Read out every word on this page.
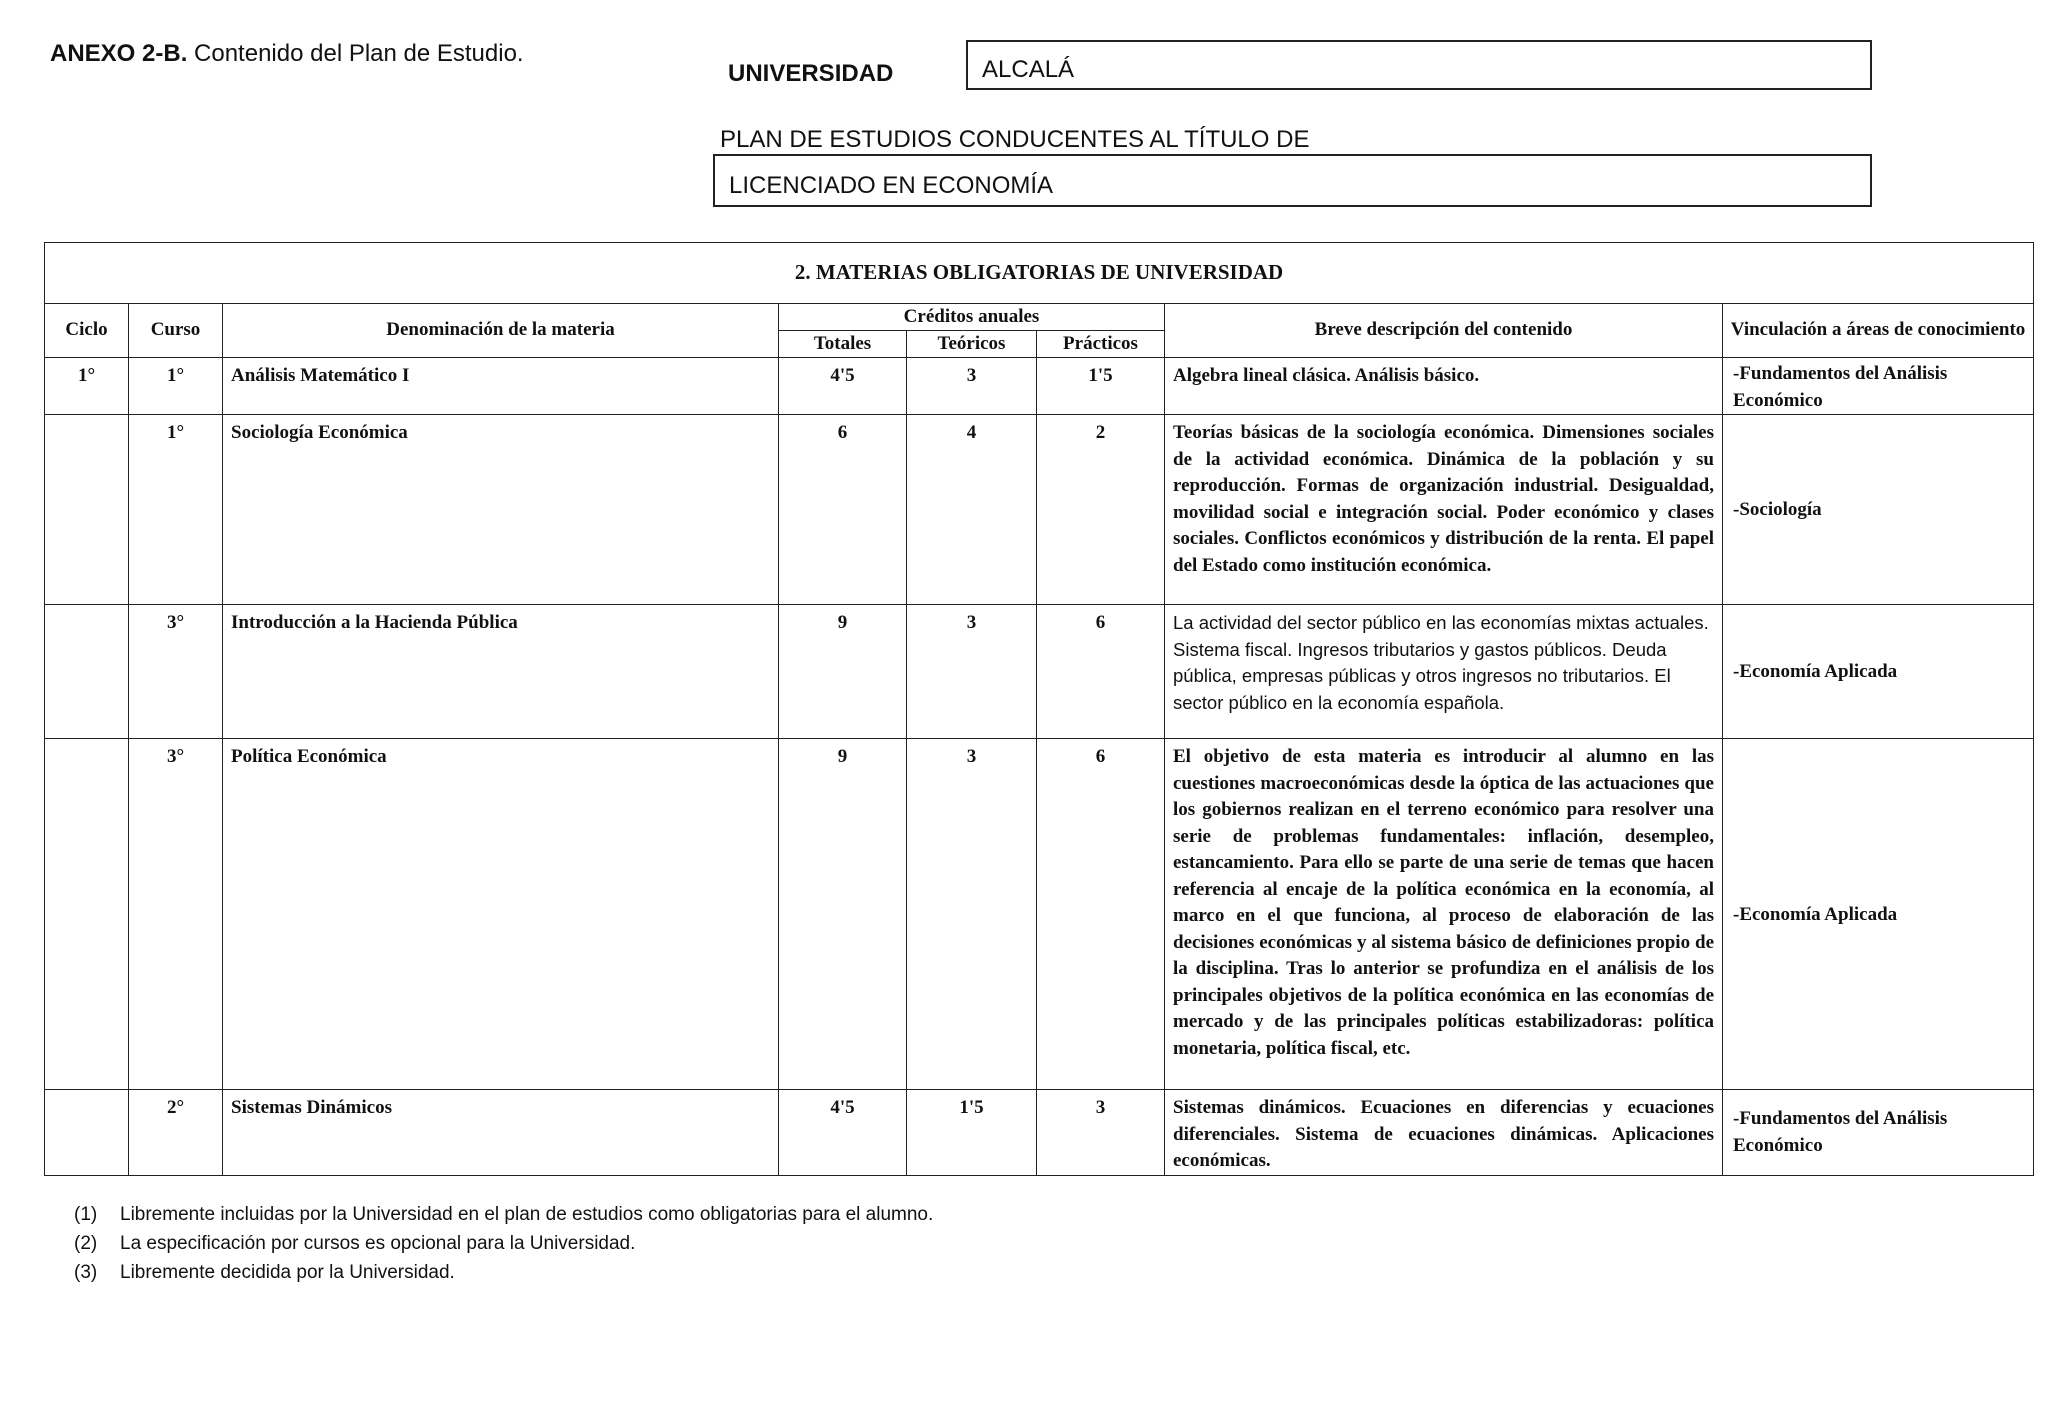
ANEXO 2-B. Contenido del Plan de Estudio.
UNIVERSIDAD	ALCALÁ
PLAN DE ESTUDIOS CONDUCENTES AL TÍTULO DE
LICENCIADO EN ECONOMÍA
2. MATERIAS OBLIGATORIAS DE UNIVERSIDAD							
Ciclo	Curso	Denominación de la materia	Créditos anuales			Breve descripción del contenido	Vinculación a áreas de conocimiento
			Totales	Teóricos	Prácticos		
1°	1°	Análisis Matemático I	4'5	3	1'5	Algebra lineal clásica. Análisis básico.	-Fundamentos del Análisis Económico
	1°	Sociología Económica	6	4	2	Teorías básicas de la sociología económica. Dimensiones sociales de la actividad económica. Dinámica de la población y su reproducción. Formas de organización industrial. Desigualdad, movilidad social e integración social. Poder económico y clases sociales. Conflictos económicos y distribución de la renta. El papel del Estado como institución económica.	-Sociología
	3°	Introducción a la Hacienda Pública	9	3	6	La actividad del sector público en las economías mixtas actuales. Sistema fiscal. Ingresos tributarios y gastos públicos. Deuda pública, empresas públicas y otros ingresos no tributarios. El sector público en la economía española.	-Economía Aplicada
	3°	Política Económica	9	3	6	El objetivo de esta materia es introducir al alumno en las cuestiones macroeconómicas desde la óptica de las actuaciones que los gobiernos realizan en el terreno económico para resolver una serie de problemas fundamentales: inflación, desempleo, estancamiento. Para ello se parte de una serie de temas que hacen referencia al encaje de la política económica en la economía, al marco en el que funciona, al proceso de elaboración de las decisiones económicas y al sistema básico de definiciones propio de la disciplina. Tras lo anterior se profundiza en el análisis de los principales objetivos de la política económica en las economías de mercado y de las principales políticas estabilizadoras: política monetaria, política fiscal, etc.	-Economía Aplicada
	2°	Sistemas Dinámicos	4'5	1'5	3	Sistemas dinámicos. Ecuaciones en diferencias y ecuaciones diferenciales. Sistema de ecuaciones dinámicas. Aplicaciones económicas.	-Fundamentos del Análisis Económico
(1) Libremente incluidas por la Universidad en el plan de estudios como obligatorias para el alumno.
(2) La especificación por cursos es opcional para la Universidad.
(3) Libremente decidida por la Universidad.
